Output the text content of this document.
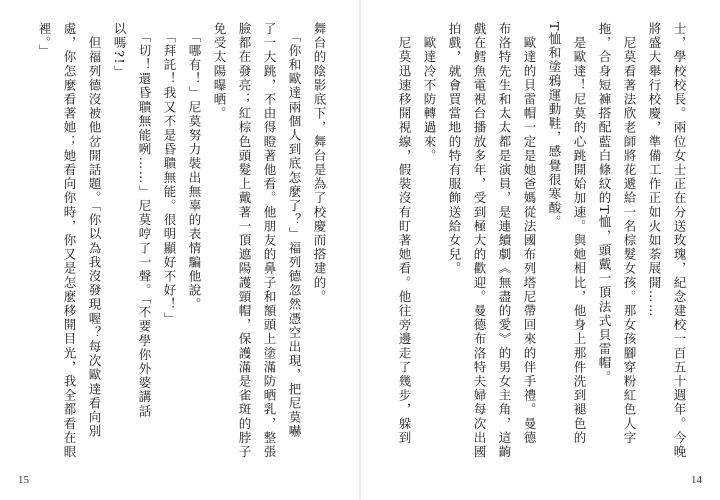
舞台的陰影底下，舞台是為了校慶而搭建的。
　「你和歐達兩個人到底怎麼了？」福列德忽然憑空出現，把尼莫嚇
了一大跳，不由得瞪著他看。他朋友的鼻子和額頭上塗滿防晒乳，整張
臉都在發亮；紅棕色頭髮上戴著一頂遮陽護頸帽，保護滿是雀斑的脖子
免受太陽曝晒。
　「哪有！」尼莫努力裝出無辜的表情騙他說。
　「拜託！我又不是昏聵無能。很明顯好不好！」
　「切！還昏聵無能咧……」尼莫哼了一聲。「不要學你外婆講話
以嗎?!」
　但福列德沒被他岔開話題。「你以為我沒發現喔？每次歐達看向別
處，你怎麼看著她；她看向你時，你又是怎麼移開目光，我全都看在眼
裡。」
15
士，學校校長。兩位女士正在分送玫瑰，紀念建校一百五十週年。今晚
將盛大舉行校慶，準備工作正如火如荼展開……
　尼莫看著法欣老師將花遞給一名棕髮女孩。那女孩腳穿粉紅色人字
拖，合身短褲搭配藍白條紋的T恤，頭戴一頂法式貝雷帽。
　是歐達！尼莫的心跳開始加速。與她相比，他身上那件洗到褪色的
T恤和塗鴉運動鞋，感覺很寒酸。
　歐達的貝雷帽一定是她爸媽從法國布列塔尼帶回來的伴手禮。曼德
布洛特先生和太太都是演員，是連續劇《無盡的愛》的男女主角，這齣
戲在鱈魚電視台播放多年，受到極大的歡迎。曼德布洛特夫婦每次出國
拍戲，就會買當地的特有服飾送給女兒。
　歐達冷不防轉過來。
　尼莫迅速移開視線，假裝沒有盯著她看。他往旁邊走了幾步，躲到
14
